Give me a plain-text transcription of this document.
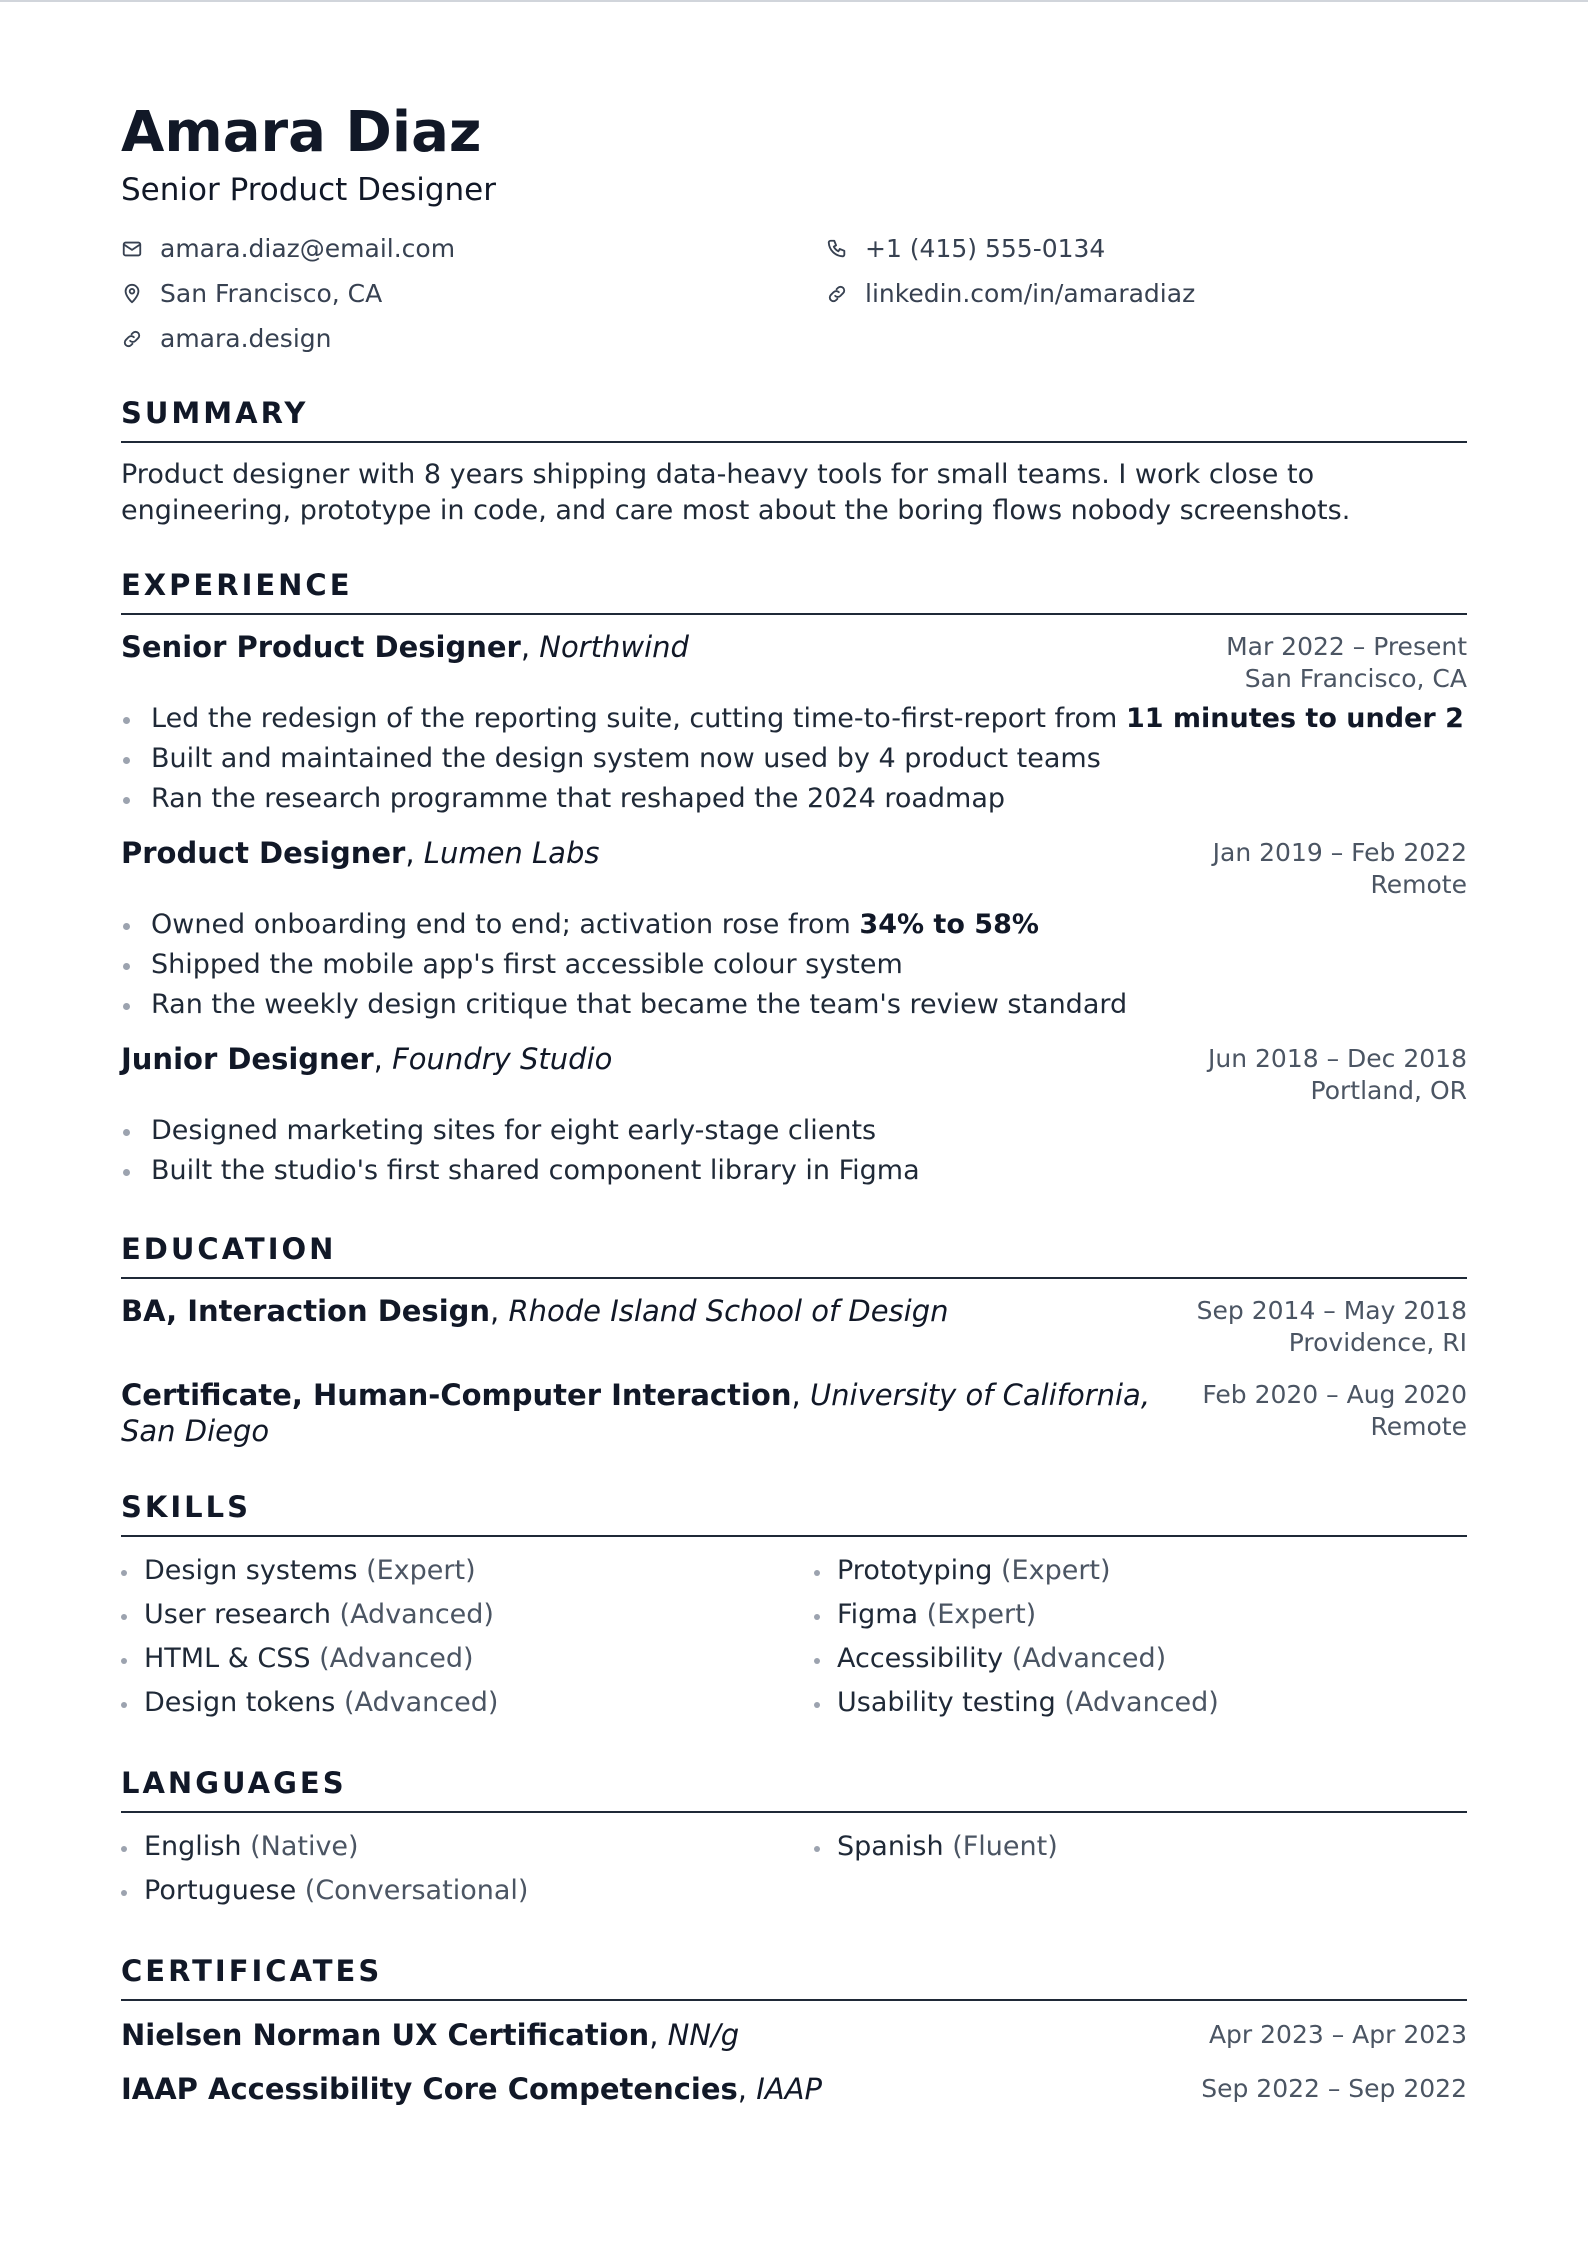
Amara Diaz
Senior Product Designer
amara.diaz@email.com	+1 (415) 555-0134
San Francisco, CA	linkedin.com/in/amaradiaz
amara.design
SUMMARY
Product designer with 8 years shipping data-heavy tools for small teams. I work close to engineering, prototype in code, and care most about the boring flows nobody screenshots.
EXPERIENCE
Senior Product Designer, Northwind	Mar 2022 – Present
San Francisco, CA
Led the redesign of the reporting suite, cutting time-to-first-report from 11 minutes to under 2
Built and maintained the design system now used by 4 product teams
Ran the research programme that reshaped the 2024 roadmap
Product Designer, Lumen Labs	Jan 2019 – Feb 2022
Remote
Owned onboarding end to end; activation rose from 34% to 58%
Shipped the mobile app's first accessible colour system
Ran the weekly design critique that became the team's review standard
Junior Designer, Foundry Studio	Jun 2018 – Dec 2018
Portland, OR
Designed marketing sites for eight early-stage clients
Built the studio's first shared component library in Figma
EDUCATION
BA, Interaction Design, Rhode Island School of Design	Sep 2014 – May 2018
Providence, RI
Certificate, Human-Computer Interaction, University of California, San Diego
Feb 2020 – Aug 2020
Remote
SKILLS
Design systems (Expert)	Prototyping (Expert)
User research (Advanced)	Figma (Expert)
HTML & CSS (Advanced)	Accessibility (Advanced)
Design tokens (Advanced)	Usability testing (Advanced)
LANGUAGES
English (Native)	Spanish (Fluent)
Portuguese (Conversational)
CERTIFICATES
Nielsen Norman UX Certification, NN/g	Apr 2023 – Apr 2023
IAAP Accessibility Core Competencies, IAAP	Sep 2022 – Sep 2022
